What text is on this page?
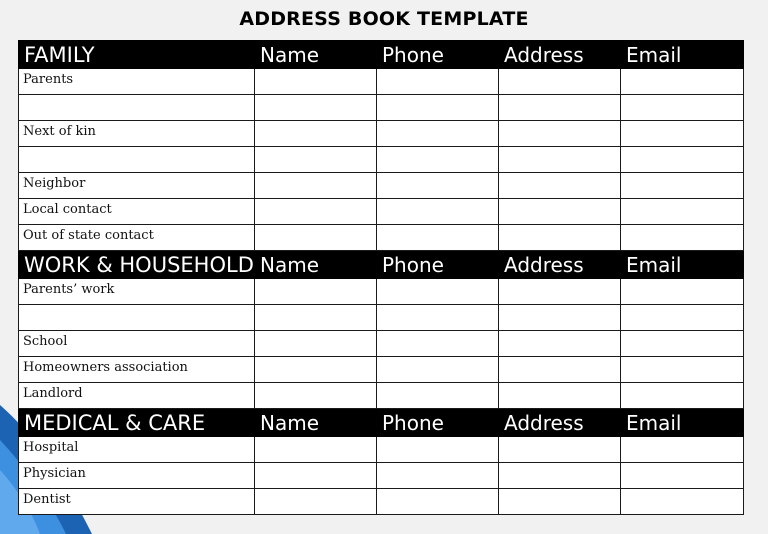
ADDRESS BOOK TEMPLATE
FAMILY	Name	Phone	Address	Email
Parents				

Next of kin				

Neighbor				
Local contact				
Out of state contact				
WORK & HOUSEHOLD	Name	Phone	Address	Email
Parents’ work				

School				
Homeowners association				
Landlord				
MEDICAL & CARE	Name	Phone	Address	Email
Hospital				
Physician				
Dentist				
